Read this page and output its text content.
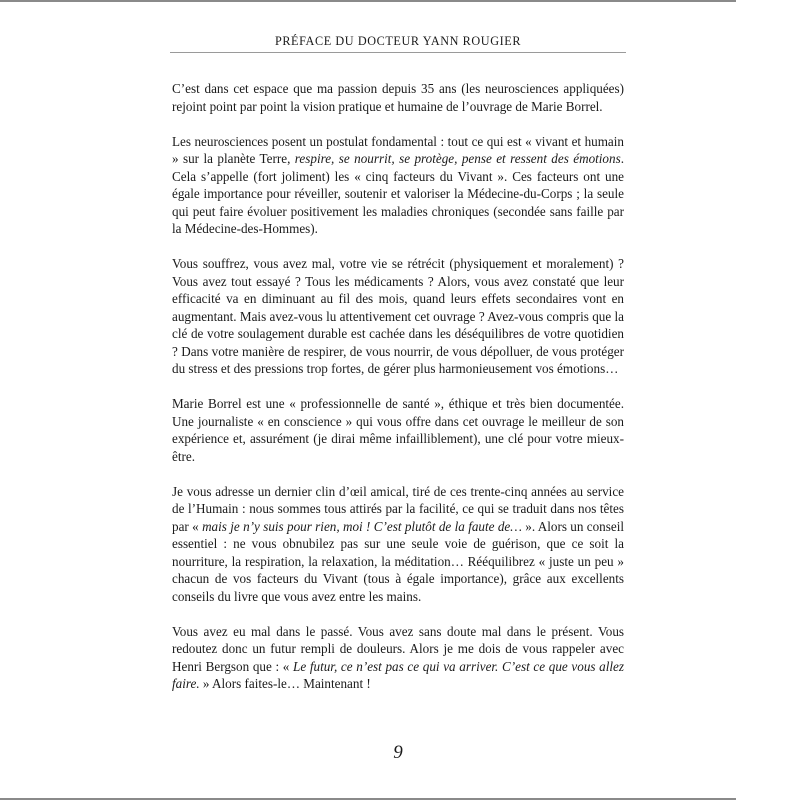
PRÉFACE DU DOCTEUR YANN ROUGIER

C’est dans cet espace que ma passion depuis 35 ans (les neurosciences appliquées) rejoint point par point la vision pratique et humaine de l’ouvrage de Marie Borrel.

Les neurosciences posent un postulat fondamental : tout ce qui est « vivant et humain » sur la planète Terre, respire, se nourrit, se protège, pense et ressent des émotions. Cela s’appelle (fort joliment) les « cinq facteurs du Vivant ». Ces facteurs ont une égale importance pour réveiller, soutenir et valoriser la Médecine-du-Corps ; la seule qui peut faire évoluer positivement les maladies chroniques (secondée sans faille par la Médecine-des-Hommes).

Vous souffrez, vous avez mal, votre vie se rétrécit (physiquement et moralement) ? Vous avez tout essayé ? Tous les médicaments ? Alors, vous avez constaté que leur efficacité va en diminuant au fil des mois, quand leurs effets secondaires vont en augmentant. Mais avez-vous lu attentivement cet ouvrage ? Avez-vous compris que la clé de votre soulagement durable est cachée dans les déséquilibres de votre quotidien ? Dans votre manière de respirer, de vous nourrir, de vous dépolluer, de vous protéger du stress et des pressions trop fortes, de gérer plus harmonieusement vos émotions…

Marie Borrel est une « professionnelle de santé », éthique et très bien documentée. Une journaliste « en conscience » qui vous offre dans cet ouvrage le meilleur de son expérience et, assurément (je dirai même infailliblement), une clé pour votre mieux-être.

Je vous adresse un dernier clin d’œil amical, tiré de ces trente-cinq années au service de l’Humain : nous sommes tous attirés par la facilité, ce qui se traduit dans nos têtes par « mais je n’y suis pour rien, moi ! C’est plutôt de la faute de… ». Alors un conseil essentiel : ne vous obnubilez pas sur une seule voie de guérison, que ce soit la nourriture, la respiration, la relaxation, la méditation… Rééquilibrez « juste un peu » chacun de vos facteurs du Vivant (tous à égale importance), grâce aux excellents conseils du livre que vous avez entre les mains.

Vous avez eu mal dans le passé. Vous avez sans doute mal dans le présent. Vous redoutez donc un futur rempli de douleurs. Alors je me dois de vous rappeler avec Henri Bergson que : « Le futur, ce n’est pas ce qui va arriver. C’est ce que vous allez faire. » Alors faites-le… Maintenant !

9
